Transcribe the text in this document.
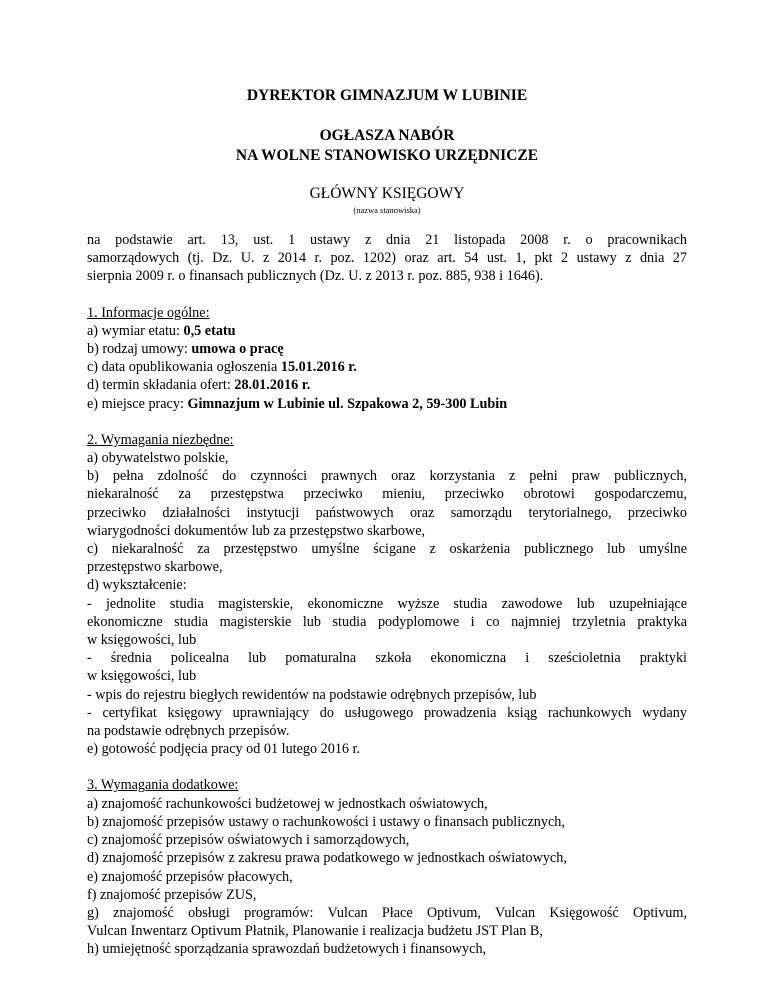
DYREKTOR GIMNAZJUM W LUBINIE
OGŁASZA NABÓR
NA WOLNE STANOWISKO URZĘDNICZE
GŁÓWNY KSIĘGOWY
(nazwa stanowiska)
na podstawie art. 13, ust. 1 ustawy z dnia 21 listopada 2008 r. o pracownikach
samorządowych (tj. Dz. U. z 2014 r. poz. 1202) oraz art. 54 ust. 1, pkt 2 ustawy z dnia 27
sierpnia 2009 r. o finansach publicznych (Dz. U. z 2013 r. poz. 885, 938 i 1646).
1. Informacje ogólne:
a) wymiar etatu: 0,5 etatu
b) rodzaj umowy: umowa o pracę
c) data opublikowania ogłoszenia 15.01.2016 r.
d) termin składania ofert: 28.01.2016 r.
e) miejsce pracy: Gimnazjum w Lubinie ul. Szpakowa 2, 59-300 Lubin
2. Wymagania niezbędne:
a) obywatelstwo polskie,
b) pełna zdolność do czynności prawnych oraz korzystania z pełni praw publicznych,
niekaralność za przestępstwa przeciwko mieniu, przeciwko obrotowi gospodarczemu,
przeciwko działalności instytucji państwowych oraz samorządu terytorialnego, przeciwko
wiarygodności dokumentów lub za przestępstwo skarbowe,
c) niekaralność za przestępstwo umyślne ścigane z oskarżenia publicznego lub umyślne
przestępstwo skarbowe,
d) wykształcenie:
- jednolite studia magisterskie, ekonomiczne wyższe studia zawodowe lub uzupełniające
ekonomiczne studia magisterskie lub studia podyplomowe i co najmniej trzyletnia praktyka
w księgowości, lub
- średnia policealna lub pomaturalna szkoła ekonomiczna i sześcioletnia praktyki
w księgowości, lub
- wpis do rejestru biegłych rewidentów na podstawie odrębnych przepisów, lub
- certyfikat księgowy uprawniający do usługowego prowadzenia ksiąg rachunkowych wydany
na podstawie odrębnych przepisów.
e) gotowość podjęcia pracy od 01 lutego 2016 r.
3. Wymagania dodatkowe:
a) znajomość rachunkowości budżetowej w jednostkach oświatowych,
b) znajomość przepisów ustawy o rachunkowości i ustawy o finansach publicznych,
c) znajomość przepisów oświatowych i samorządowych,
d) znajomość przepisów z zakresu prawa podatkowego w jednostkach oświatowych,
e) znajomość przepisów płacowych,
f) znajomość przepisów ZUS,
g) znajomość obsługi programów: Vulcan Płace Optivum, Vulcan Księgowość Optivum,
Vulcan Inwentarz Optivum Płatnik, Planowanie i realizacja budżetu JST Plan B,
h) umiejętność sporządzania sprawozdań budżetowych i finansowych,
